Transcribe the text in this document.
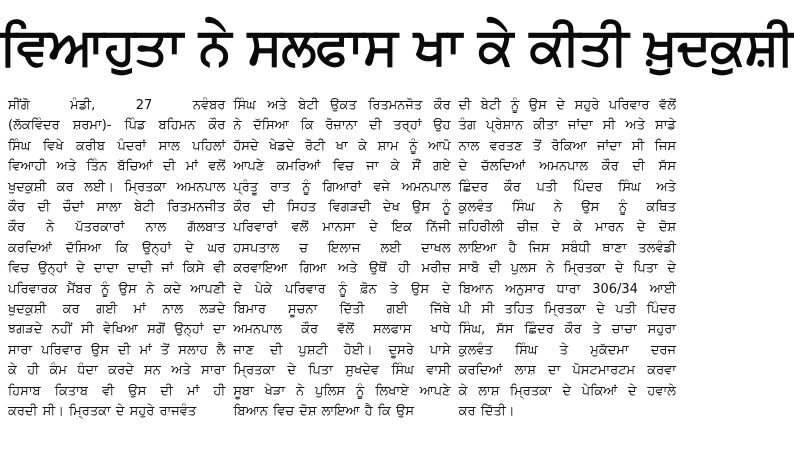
ਵਿਆਹੁਤਾ ਨੇ ਸਲਫਾਸ ਖਾ ਕੇ ਕੀਤੀ ਖ਼ੁਦਕੁਸ਼ੀ
ਸੀਂਗੋ ਮੰਡੀ, 27 ਨਵੰਬਰ
(ਲੱਕਵਿੰਦਰ ਸ਼ਰਮਾ)- ਪਿੰਡ ਬਹਿਮਨ ਕੌਰ
ਸਿੰਘ ਵਿਖੇ ਕਰੀਬ ਪੰਦਰਾਂ ਸਾਲ ਪਹਿਲਾਂ
ਵਿਆਹੀ ਅਤੇ ਤਿੰਨ ਬੱਚਿਆਂ ਦੀ ਮਾਂ ਵਲੋਂ
ਖੁਦਕੁਸ਼ੀ ਕਰ ਲਈ। ਮ੍ਰਿਤਕਾ ਅਮਨਪਾਲ
ਕੌਰ ਦੀ ਚੌਦਾਂ ਸਾਲਾ ਬੇਟੀ ਰਿਤਮਨਜੀਤ
ਕੌਰ ਨੇ ਪੱਤਰਕਾਰਾਂ ਨਾਲ ਗੱਲਬਾਤ
ਕਰਦਿਆਂ ਦੱਸਿਆ ਕਿ ਉਨ੍ਹਾਂ ਦੇ ਘਰ
ਵਿਚ ਉਨ੍ਹਾਂ ਦੇ ਦਾਦਾ ਦਾਦੀ ਜਾਂ ਕਿਸੇ ਵੀ
ਪਰਿਵਾਰਕ ਮੈਂਬਰ ਨੂੰ ਉਸ ਨੇ ਕਦੇ ਆਪਣੀ
ਖੁਦਕੁਸ਼ੀ ਕਰ ਗਈ ਮਾਂ ਨਾਲ ਲੜਦੇ
ਝਗੜਦੇ ਨਹੀਂ ਸੀ ਵੇਖਿਆ ਸਗੋਂ ਉਨ੍ਹਾਂ ਦਾ
ਸਾਰਾ ਪਰਿਵਾਰ ਉਸ ਦੀ ਮਾਂ ਤੋਂ ਸਲਾਹ ਲੈ
ਕੇ ਹੀ ਕੰਮ ਧੰਦਾ ਕਰਦੇ ਸਨ ਅਤੇ ਸਾਰਾ
ਹਿਸਾਬ ਕਿਤਾਬ ਵੀ ਉਸ ਦੀ ਮਾਂ ਹੀ
ਕਰਦੀ ਸੀ। ਮ੍ਰਿਤਕਾ ਦੇ ਸਹੁਰੇ ਰਾਜਵੰਤ
ਸਿੰਘ ਅਤੇ ਬੇਟੀ ਉਕਤ ਰਿਤਮਨਜੋਤ ਕੌਰ
ਨੇ ਦੱਸਿਆ ਕਿ ਰੋਜ਼ਾਨਾ ਦੀ ਤਰ੍ਹਾਂ ਉਹ
ਹੱਸਦੇ ਖੇਡਦੇ ਰੋਟੀ ਖਾ ਕੇ ਸ਼ਾਮ ਨੂੰ ਆਪੋ
ਆਪਣੇ ਕਮਰਿਆਂ ਵਿਚ ਜਾ ਕੇ ਸੌਂ ਗਏ
ਪ੍ਰੰਤੂ ਰਾਤ ਨੂੰ ਗਿਆਰਾਂ ਵਜੇ ਅਮਨਪਾਲ
ਕੌਰ ਦੀ ਸਿਹਤ ਵਿਗੜਦੀ ਦੇਖ ਉਸ ਨੂੰ
ਪਰਿਵਾਰਾਂ ਵਲੋਂ ਮਾਨਸਾ ਦੇ ਇਕ ਨਿੱਜੀ
ਹਸਪਤਾਲ ਚ ਇਲਾਜ ਲਈ ਦਾਖਲ
ਕਰਵਾਇਆ ਗਿਆ ਅਤੇ ਉਥੋਂ ਹੀ ਮਰੀਜ਼
ਦੇ ਪੇਕੇ ਪਰਿਵਾਰ ਨੂੰ ਫ਼ੋਨ ਤੇ ਉਸ ਦੇ
ਬਿਮਾਰ ਸੂਚਨਾ ਦਿੱਤੀ ਗਈ ਜਿੱਥੇ
ਅਮਨਪਾਲ ਕੌਰ ਵੱਲੋਂ ਸਲਫਾਸ ਖਾਧੇ
ਜਾਣ ਦੀ ਪੁਸ਼ਟੀ ਹੋਈ। ਦੂਸਰੇ ਪਾਸੇ
ਮ੍ਰਿਤਕਾ ਦੇ ਪਿਤਾ ਸੁਖਦੇਵ ਸਿੰਘ ਵਾਸੀ
ਸੂਬਾ ਖੇੜਾ ਨੇ ਪੁਲਿਸ ਨੂੰ ਲਿਖਾਏ ਆਪਣੇ
ਬਿਆਨ ਵਿਚ ਦੋਸ਼ ਲਾਇਆ ਹੈ ਕਿ ਉਸ
ਦੀ ਬੇਟੀ ਨੂੰ ਉਸ ਦੇ ਸਹੁਰੇ ਪਰਿਵਾਰ ਵੱਲੋਂ
ਤੰਗ ਪ੍ਰੇਸ਼ਾਨ ਕੀਤਾ ਜਾਂਦਾ ਸੀ ਅਤੇ ਸਾਡੇ
ਨਾਲ ਵਰਤਣ ਤੋਂ ਰੋਕਿਆ ਜਾਂਦਾ ਸੀ ਜਿਸ
ਦੇ ਚੱਲਦਿਆਂ ਅਮਨਪਾਲ ਕੌਰ ਦੀ ਸੱਸ
ਛਿੰਦਰ ਕੌਰ ਪਤੀ ਪਿੰਦਰ ਸਿੰਘ ਅਤੇ
ਕੁਲਵੰਤ ਸਿੰਘ ਨੇ ਉਸ ਨੂੰ ਕਥਿਤ
ਜ਼ਹਿਰੀਲੀ ਚੀਜ਼ ਦੇ ਕੇ ਮਾਰਨ ਦੇ ਦੋਸ਼
ਲਾਇਆ ਹੈ ਜਿਸ ਸਬੰਧੀ ਥਾਣਾ ਤਲਵੰਡੀ
ਸਾਬੋ ਦੀ ਪੁਲਸ ਨੇ ਮ੍ਰਿਤਕਾ ਦੇ ਪਿਤਾ ਦੇ
ਬਿਆਨ ਅਨੁਸਾਰ ਧਾਰਾ 306/34 ਆਈ
ਪੀ ਸੀ ਤਹਿਤ ਮ੍ਰਿਤਕਾ ਦੇ ਪਤੀ ਪਿੰਦਰ
ਸਿੰਘ, ਸੱਸ ਛਿੰਦਰ ਕੌਰ ਤੇ ਚਾਚਾ ਸਹੁਰਾ
ਕੁਲਵੰਤ ਸਿੰਘ ਤੇ ਮੁਕੱਦਮਾ ਦਰਜ
ਕਰਦਿਆਂ ਲਾਸ਼ ਦਾ ਪੋਸਟਮਾਰਟਮ ਕਰਵਾ
ਕੇ ਲਾਸ਼ ਮ੍ਰਿਤਕਾ ਦੇ ਪੇਕਿਆਂ ਦੇ ਹਵਾਲੇ
ਕਰ ਦਿੱਤੀ।
